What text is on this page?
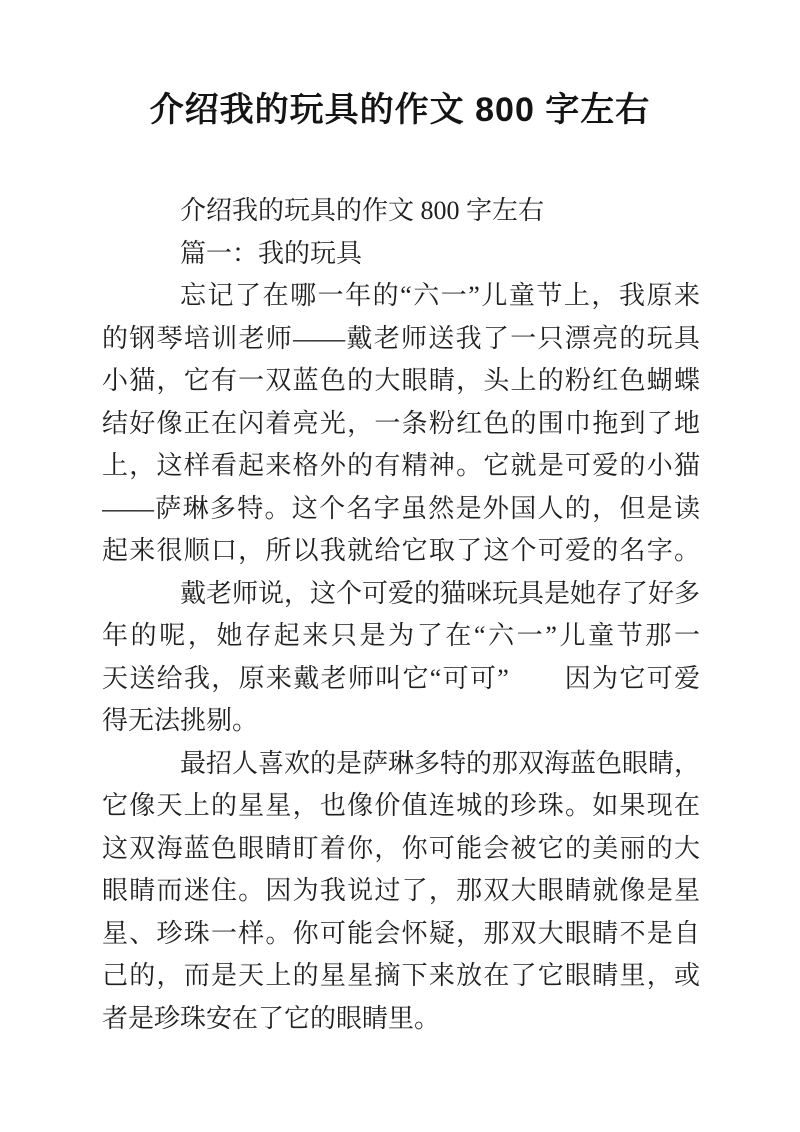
介绍我的玩具的作文 800 字左右
介绍我的玩具的作文 800 字左右
篇一：我的玩具
忘记了在哪一年的“六一”儿童节上，我原来
的钢琴培训老师——戴老师送我了一只漂亮的玩具
小猫，它有一双蓝色的大眼睛，头上的粉红色蝴蝶
结好像正在闪着亮光，一条粉红色的围巾拖到了地
上，这样看起来格外的有精神。它就是可爱的小猫
——萨琳多特。这个名字虽然是外国人的，但是读
起来很顺口，所以我就给它取了这个可爱的名字。
戴老师说，这个可爱的猫咪玩具是她存了好多
年的呢，她存起来只是为了在“六一”儿童节那一
天送给我，原来戴老师叫它“可可”　　因为它可爱
得无法挑剔。
最招人喜欢的是萨琳多特的那双海蓝色眼睛，
它像天上的星星，也像价值连城的珍珠。如果现在
这双海蓝色眼睛盯着你，你可能会被它的美丽的大
眼睛而迷住。因为我说过了，那双大眼睛就像是星
星、珍珠一样。你可能会怀疑，那双大眼睛不是自
己的，而是天上的星星摘下来放在了它眼睛里，或
者是珍珠安在了它的眼睛里。
